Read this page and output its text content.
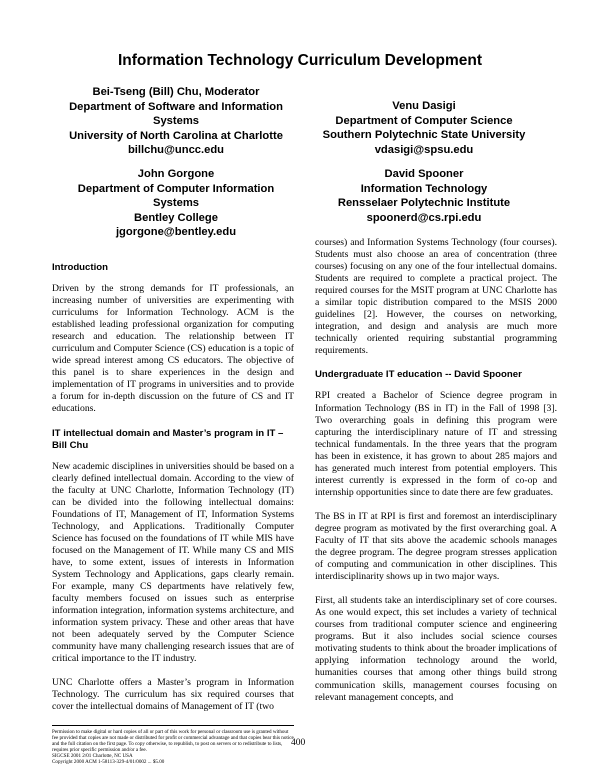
Information Technology Curriculum Development
Bei-Tseng (Bill) Chu, Moderator
Department of Software and Information
Systems
University of North Carolina at Charlotte
billchu@uncc.edu
Venu Dasigi
Department of Computer Science
Southern Polytechnic State University
vdasigi@spsu.edu
John Gorgone
Department of Computer Information
Systems
Bentley College
jgorgone@bentley.edu
David Spooner
Information Technology
Rensselaer Polytechnic Institute
spoonerd@cs.rpi.edu
Introduction

Driven by the strong demands for IT professionals, an increasing number of universities are experimenting with curriculums for Information Technology. ACM is the established leading professional organization for computing research and education. The relationship between IT curriculum and Computer Science (CS) education is a topic of wide spread interest among CS educators. The objective of this panel is to share experiences in the design and implementation of IT programs in universities and to provide a forum for in-depth discussion on the future of CS and IT educations.

IT intellectual domain and Master’s program in IT – Bill Chu

New academic disciplines in universities should be based on a clearly defined intellectual domain. According to the view of the faculty at UNC Charlotte, Information Technology (IT) can be divided into the following intellectual domains: Foundations of IT, Management of IT, Information Systems Technology, and Applications. Traditionally Computer Science has focused on the foundations of IT while MIS have focused on the Management of IT. While many CS and MIS have, to some extent, issues of interests in Information System Technology and Applications, gaps clearly remain. For example, many CS departments have relatively few, faculty members focused on issues such as enterprise information integration, information systems architecture, and information system privacy. These and other areas that have not been adequately served by the Computer Science community have many challenging research issues that are of critical importance to the IT industry.

UNC Charlotte offers a Master’s program in Information Technology. The curriculum has six required courses that cover the intellectual domains of Management of IT (two

courses) and Information Systems Technology (four courses). Students must also choose an area of concentration (three courses) focusing on any one of the four intellectual domains. Students are required to complete a practical project. The required courses for the MSIT program at UNC Charlotte has a similar topic distribution compared to the MSIS 2000 guidelines [2]. However, the courses on networking, integration, and design and analysis are much more technically oriented requiring substantial programming requirements.

Undergraduate IT education -- David Spooner

RPI created a Bachelor of Science degree program in Information Technology (BS in IT) in the Fall of 1998 [3]. Two overarching goals in defining this program were capturing the interdisciplinary nature of IT and stressing technical fundamentals. In the three years that the program has been in existence, it has grown to about 285 majors and has generated much interest from potential employers. This interest currently is expressed in the form of co-op and internship opportunities since to date there are few graduates.

The BS in IT at RPI is first and foremost an interdisciplinary degree program as motivated by the first overarching goal. A Faculty of IT that sits above the academic schools manages the degree program. The degree program stresses application of computing and communication in other disciplines. This interdisciplinarity shows up in two major ways.

First, all students take an interdisciplinary set of core courses. As one would expect, this set includes a variety of technical courses from traditional computer science and engineering programs. But it also includes social science courses motivating students to think about the broader implications of applying information technology around the world, humanities courses that among other things build strong communication skills, management courses focusing on relevant management concepts, and

Permission to make digital or hard copies of all or part of this work for personal or classroom use is granted without fee provided that copies are not made or distributed for profit or commercial advantage and that copies bear this notice and the full citation on the first page. To copy otherwise, to republish, to post on servers or to redistribute to lists, requires prior specific permission and/or a fee.
SIGCSE 2001 2/01 Charlotte, NC USA
Copyright 2000 ACM 1-58113-329-4/01/0002 ... $5.00
400
